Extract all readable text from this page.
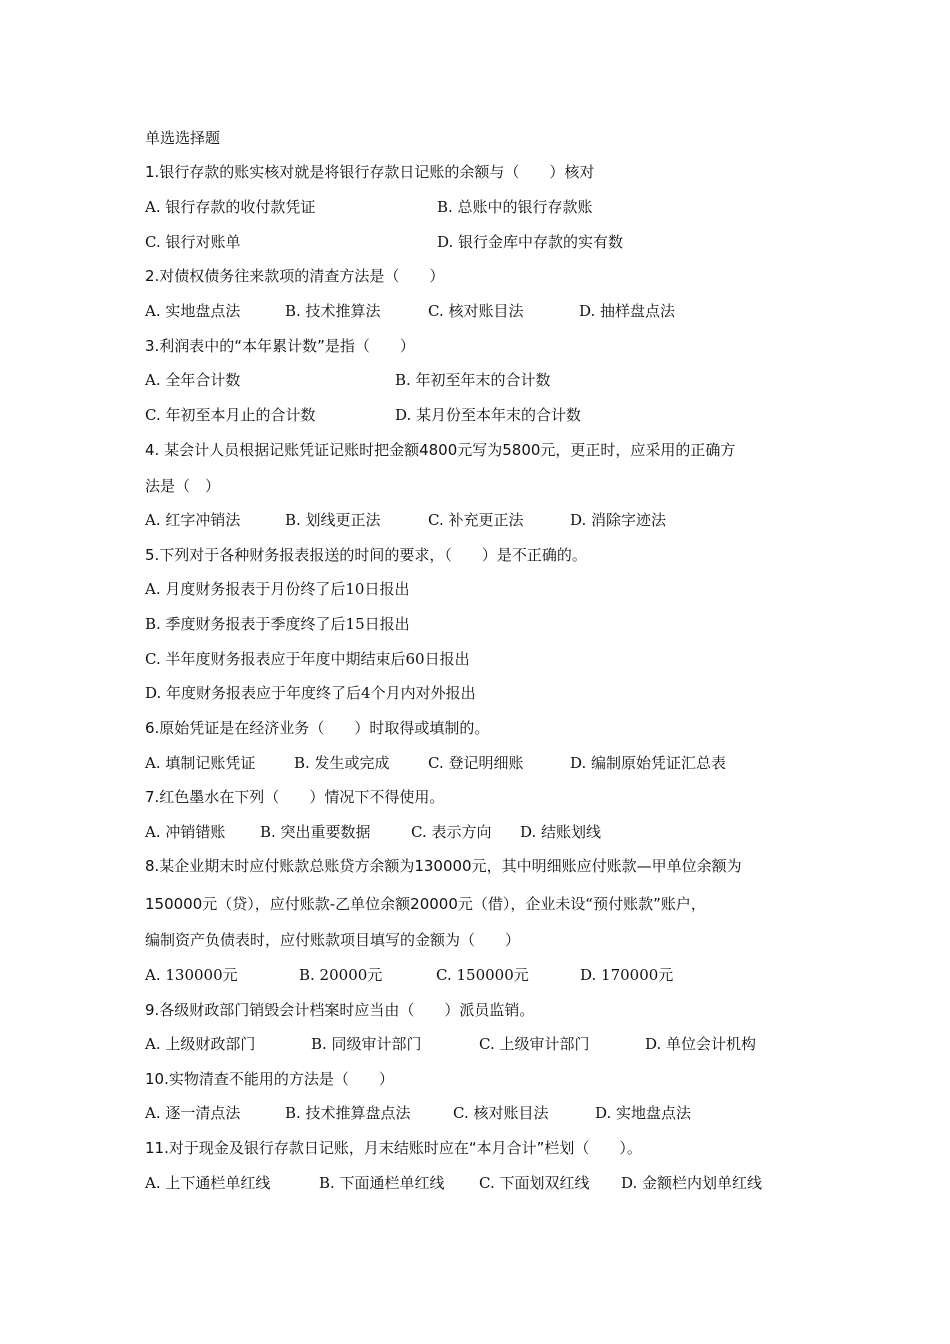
单选选择题
1.银行存款的账实核对就是将银行存款日记账的余额与（　　）核对

A. 银行存款的收付款凭证

	B. 总账中的银行存款账

C. 银行对账单

	D. 银行金库中存款的实有数

2.对债权债务往来款项的清查方法是（　　）

A. 实地盘点法

	B. 技术推算法

	C. 核对账目法

	D. 抽样盘点法

3.利润表中的“本年累计数”是指（　　）

A. 全年合计数

	B. 年初至年末的合计数

C. 年初至本月止的合计数

	D. 某月份至本年末的合计数

4. 某会计人员根据记账凭证记账时把金额4800元写为5800元，更正时，应采用的正确方
法是（　）

A. 红字冲销法

	B. 划线更正法

	C. 补充更正法

	D. 消除字迹法

5.下列对于各种财务报表报送的时间的要求，（　　）是不正确的。
A. 月度财务报表于月份终了后10日报出
B. 季度财务报表于季度终了后15日报出
C. 半年度财务报表应于年度中期结束后60日报出
D. 年度财务报表应于年度终了后4个月内对外报出
6.原始凭证是在经济业务（　　）时取得或填制的。

A. 填制记账凭证

	B. 发生或完成

	C. 登记明细账

	D. 编制原始凭证汇总表

7.红色墨水在下列（　　）情况下不得使用。

A. 冲销错账

B. 突出重要数据

	C. 表示方向

D. 结账划线

8.某企业期末时应付账款总账贷方余额为130000元，其中明细账应付账款—甲单位余额为
150000元（贷），应付账款-乙单位余额20000元（借），企业未设“预付账款”账户，
编制资产负债表时，应付账款项目填写的金额为（　　）

A. 130000元

	B. 20000元

	C. 150000元

	D. 170000元

9.各级财政部门销毁会计档案时应当由（　　）派员监销。

A. 上级财政部门

	B. 同级审计部门

	C. 上级审计部门

	D. 单位会计机构

10.实物清查不能用的方法是（　　）

A. 逐一清点法

	B. 技术推算盘点法

	C. 核对账目法

	D. 实地盘点法

11.对于现金及银行存款日记账，月末结账时应在“本月合计”栏划（　　）。

A. 上下通栏单红线

	B. 下面通栏单红线

C. 下面划双红线

D. 金额栏内划单红线
